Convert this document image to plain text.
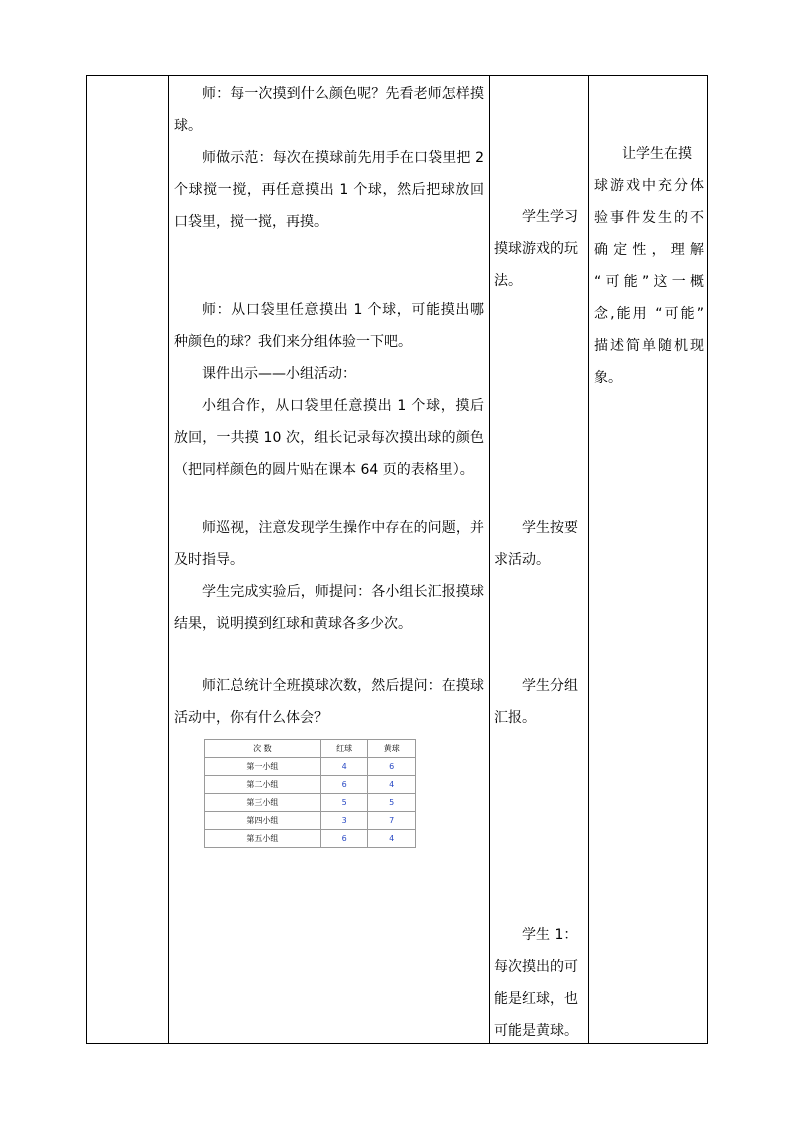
师：每一次摸到什么颜色呢？先看老师怎样摸球。

师做示范：每次在摸球前先用手在口袋里把 2 个球搅一搅，再任意摸出 1 个球，然后把球放回口袋里，搅一搅，再摸。

师：从口袋里任意摸出 1 个球，可能摸出哪种颜色的球？我们来分组体验一下吧。

课件出示——小组活动：

小组合作，从口袋里任意摸出 1 个球，摸后放回，一共摸 10 次，组长记录每次摸出球的颜色（把同样颜色的圆片贴在课本 64 页的表格里）。

师巡视，注意发现学生操作中存在的问题，并及时指导。

学生完成实验后，师提问：各小组长汇报摸球结果，说明摸到红球和黄球各多少次。

师汇总统计全班摸球次数，然后提问：在摸球活动中，你有什么体会？

次 数	红球	黄球
第一小组	4	6
第二小组	6	4
第三小组	5	5
第四小组	3	7
第五小组	6	4
学生学习
摸球游戏的玩
法。
学生按要
求活动。
学生分组
汇报。
学生 1：
每次摸出的可
能是红球，也
可能是黄球。
让学生在摸
球游戏中充分体
验事件发生的不
确定性，理解
“可能”这一概
念,能用 “可能”
描述简单随机现
象。
